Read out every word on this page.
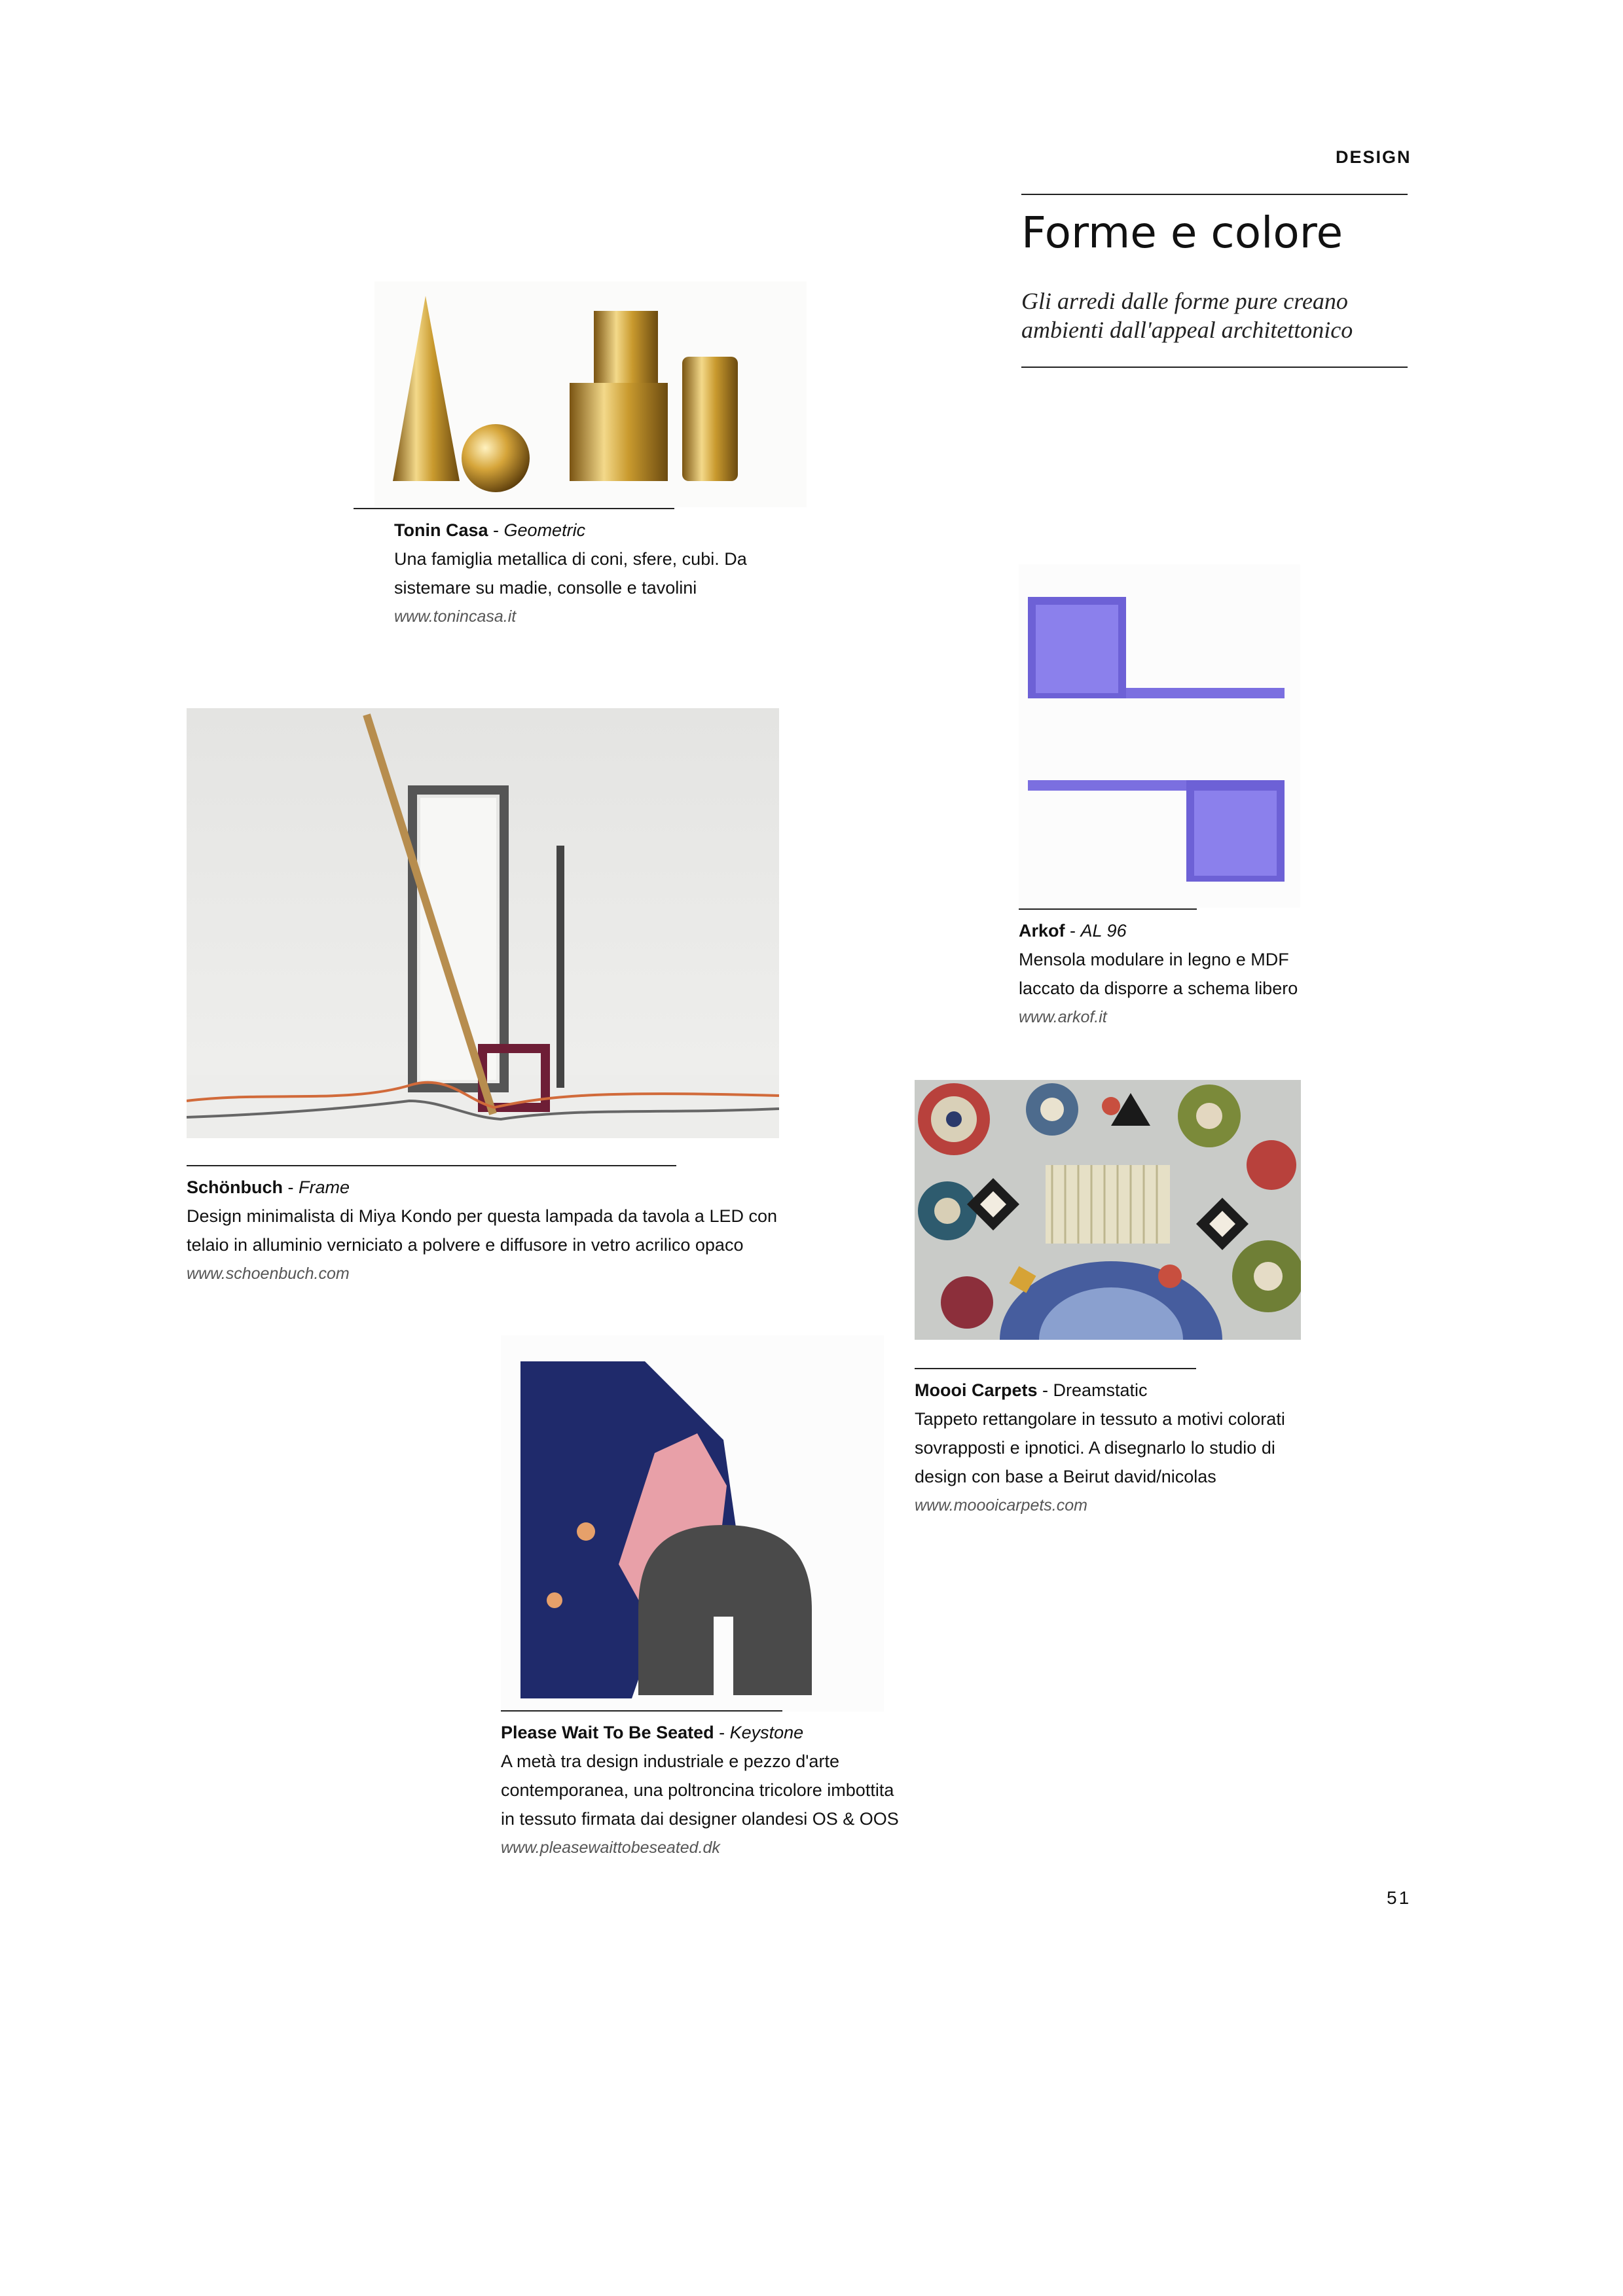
DESIGN
Forme e colore
Gli arredi dalle forme pure creano
ambienti dall'appeal architettonico
Tonin Casa - Geometric
Una famiglia metallica di coni, sfere, cubi. Da
sistemare su madie, consolle e tavolini
www.tonincasa.it
Arkof - AL 96
Mensola modulare in legno e MDF
laccato da disporre a schema libero
www.arkof.it
Schönbuch - Frame
Design minimalista di Miya Kondo per questa lampada da tavola a LED con
telaio in alluminio verniciato a polvere e diffusore in vetro acrilico opaco
www.schoenbuch.com
Moooi Carpets - Dreamstatic
Tappeto rettangolare in tessuto a motivi colorati
sovrapposti e ipnotici. A disegnarlo lo studio di
design con base a Beirut david/nicolas
www.moooicarpets.com
Please Wait To Be Seated - Keystone
A metà tra design industriale e pezzo d'arte
contemporanea, una poltroncina tricolore imbottita
in tessuto firmata dai designer olandesi OS & OOS
www.pleasewaittobeseated.dk
51
